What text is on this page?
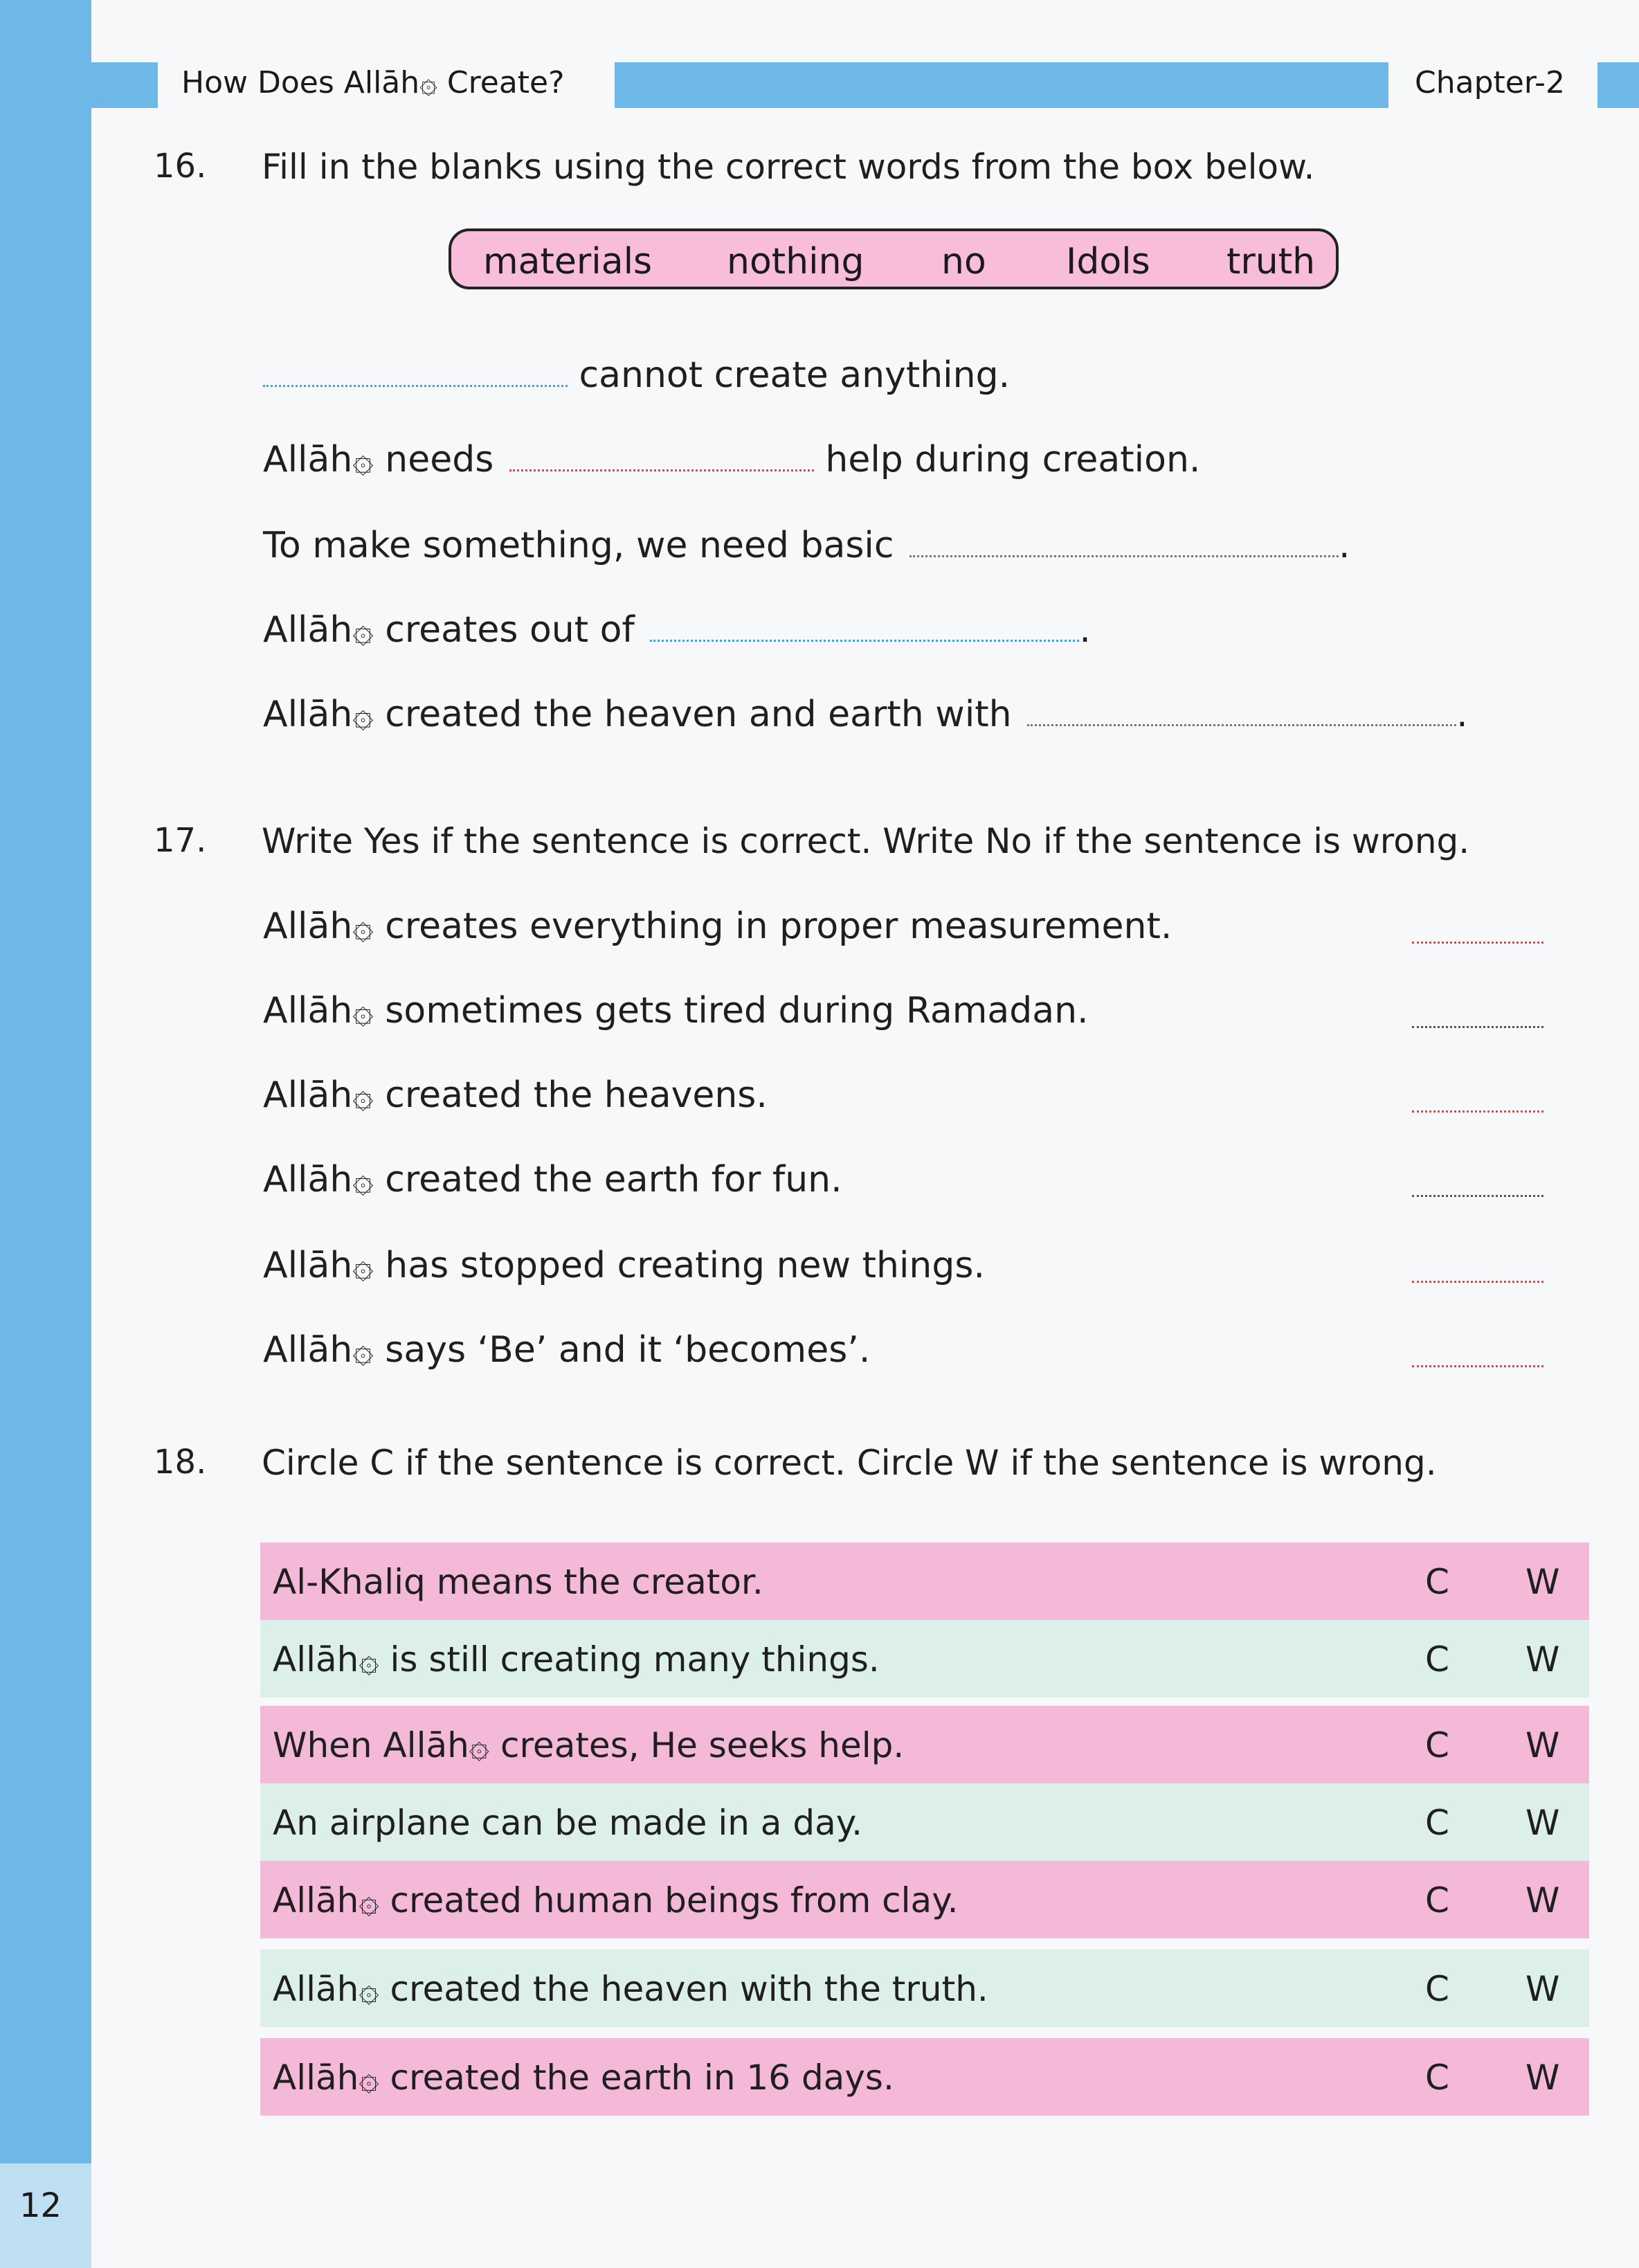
12
How Does Allāh۞ Create?	Chapter-2
16. Fill in the blanks using the correct words from the box below.
materials nothing no Idols truth
cannot create anything.
Allāh۞ needs	help during creation.
To make something, we need basic	.
Allāh۞ creates out of	.
Allāh۞ created the heaven and earth with	.
17. Write Yes if the sentence is correct. Write No if the sentence is wrong.
Allāh۞ creates everything in proper measurement.
Allāh۞ sometimes gets tired during Ramadan.
Allāh۞ created the heavens.
Allāh۞ created the earth for fun.
Allāh۞ has stopped creating new things.
Allāh۞ says ‘Be’ and it ‘becomes’.
18. Circle C if the sentence is correct. Circle W if the sentence is wrong.
Al-Khaliq means the creator.	C W
Allāh۞ is still creating many things.	C W
When Allāh۞ creates, He seeks help.	C W
An airplane can be made in a day.	C W
Allāh۞ created human beings from clay.	C W
Allāh۞ created the heaven with the truth.	C W
Allāh۞ created the earth in 16 days.	C W
